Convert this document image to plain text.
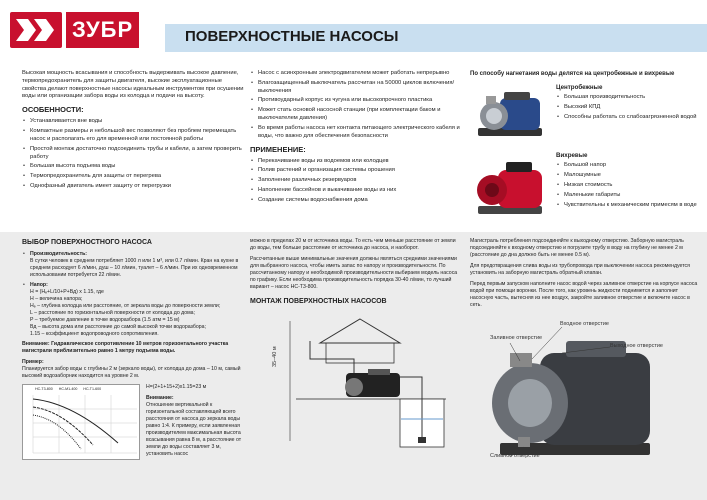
ЗУБР	ПОВЕРХНОСТНЫЕ НАСОСЫ

Высокая мощность всасывания и способность выдерживать высокое давление, термопредохранитель для защиты двигателя, высокие эксплуатационные свойства делают поверхностные насосы идеальным инструментом при осушении воды или организации забора воды из колодца и подачи на высоту.

ОСОБЕННОСТИ:
• Устанавливается вне воды
• Компактные размеры и небольшой вес позволяют без проблем перемещать насос и располагать его для временной или постоянной работы
• Простой монтаж достаточно подсоединить трубы и кабели, а затем проверить работу
• Большая высота подъема воды
• Термопредохранитель для защиты от перегрева
• Однофазный двигатель имеет защиту от перегрузки
• Насос с асинхронным электродвигателем может работать непрерывно
• Влагозащищенный выключатель рассчитан на 50000 циклов включения/выключения
• Противоударный корпус из чугуна или высокопрочного пластика
• Может стать основой насосной станции (при комплектации баком и выключателем давления)
• Во время работы насоса нет контакта питающего электрического кабеля и воды, что важно для обеспечения безопасности
ПРИМЕНЕНИЕ:
• Перекачивание воды из водоемов или колодцев
• Полив растений и организация системы орошения
• Заполнение различных резервуаров
• Наполнение бассейнов и выкачивание воды из них
• Создание системы водоснабжения дома
По способу нагнетания воды делятся на центробежные и вихревые
Центробежные
• Большая производительность
• Высокий КПД
• Способны работать со слабозагрязненной водой
Вихревые
• Большой напор
• Малошумные
• Низкая стоимость
• Маленькие габариты
• Чувствительны к механическим примесям в воде
ВЫБОР ПОВЕРХНОСТНОГО НАСОСА
• Производительность:
В сутки человек в среднем потребляет 1000 л или 1 м³, или 0.7 л/мин. Кран на кухне в среднем расходует 6 л/мин, душ – 10 л/мин, туалет – 6 л/мин. При их одновременном использовании потребуется 22 л/мин.
• Напор:
Н = (Нₑ+L/10+P+Вд) х 1.15, где
Н – величина напора;
Нₑ – глубина колодца или расстояние, от зеркала воды до поверхности земли;
L – расстояние по горизонтальной поверхности от колодца до дома;
P – требуемое давление в точке водоразбора (1.5 атм = 15 м)
Вд – высота дома или расстояние до самой высокой точки водоразбора;
1.15 – коэффициент водопроводного сопротивления.

Внимание: Гидравлическое сопротивление 10 метров горизонтального участка магистрали приблизительно равно 1 метру подъема воды.

Пример:

Планируется забор воды с глубины 2 м (зеркало воды), от колодца до дома – 10 м, самый высокий водозаборник находится на уровне 2 м.

НС-Т3-800 НС-М1-400 НС-Т1-600	Н=(2+1+15+2)х1.15=23 м

Внимание:

Отношение вертикальной к горизонтальной составляющей всего расстояния от насоса до зеркала воды равно 1:4. К примеру, если заявленная производителем максимальная высота всасывания равна 8 м, а расстояние от земли до воды составляет 3 м, установить насос

можно в пределах 20 м от источника воды. То есть чем меньше расстояние от земли до воды, тем больше расстояние от источника до насоса, и наоборот.

Рассчитанные выше минимальные значения должны являться средними значениями для выбранного насоса, чтобы иметь запас по напору и производительности. По рассчитанному напору и необходимой производительности выбираем модель насоса по графику. Если необходима производительность порядка 30-40 л/мин, то лучший вариант – насос НС-Т3-800.

МОНТАЖ ПОВЕРХНОСТНЫХ НАСОСОВ
35–40 м

Магистраль потребления подсоединяйте к выходному отверстию. Заборную магистраль подсоединяйте к входному отверстию и погрузите трубу в воду на глубину не менее 2 м (расстояние до дна должно быть не менее 0.5 м).

Для предотвращения слива воды из трубопровода при выключении насоса рекомендуется установить на заборную магистраль обратный клапан.

Перед первым запуском наполните насос водой через заливное отверстие на корпусе насоса водой при помощи воронки. После того, как уровень жидкости поднимется и заполнит насосную часть, вытесняя из нее воздух, закройте заливное отверстие и включите насос в сеть.

Входное отверстие
Заливное отверстие
Выходное отверстие
Сливное отверстие
